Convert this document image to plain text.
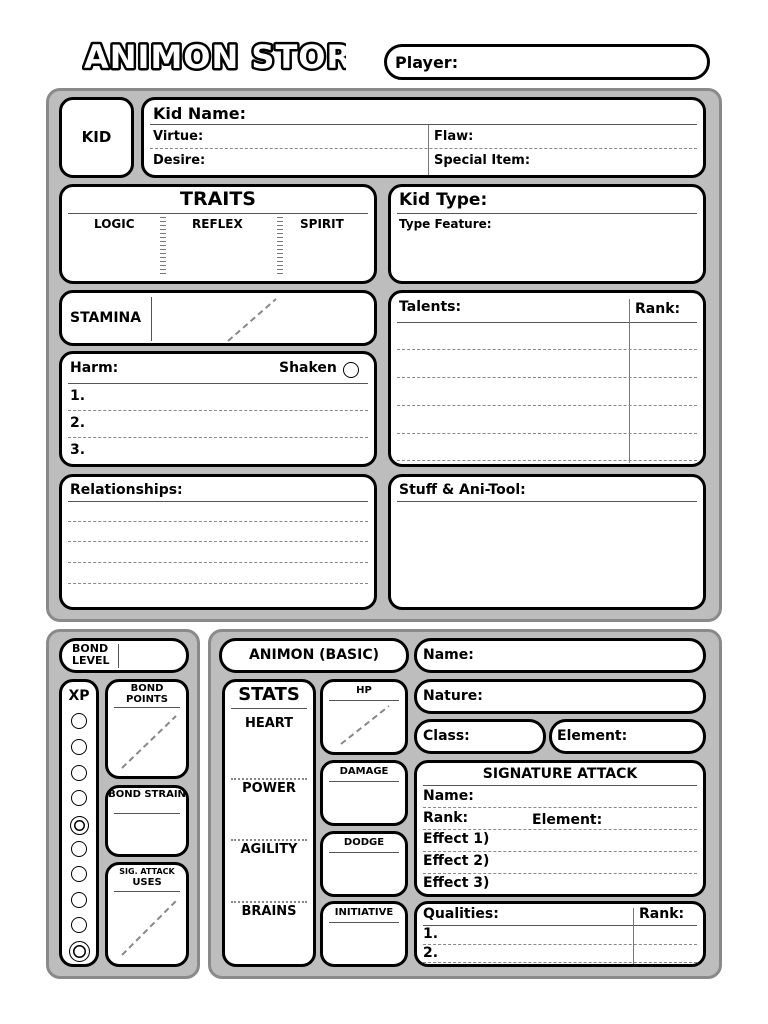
ANIMON STORY Player:
KID
Kid Name:
Virtue:	Flaw:
Desire:	Special Item:
TRAITS
LOGIC	REFLEX	SPIRIT
Kid Type:
Type Feature:
STAMINA
Talents:	Rank:
Harm:	Shaken
1.
2.
3.
Relationships:	Stuff & Ani-Tool:
BOND LEVEL
XP	BOND POINTS
BOND STRAIN
SIG. ATTACK
USES
ANIMON (BASIC)	Name:
STATS
HEART
POWER
AGILITY
BRAINS
HP
DAMAGE
DODGE
INITIATIVE
Nature:
Class:	Element:
SIGNATURE ATTACK
Name:
Rank:	Element:
Effect 1)
Effect 2)
Effect 3)
Qualities:	Rank:
1.
2.
